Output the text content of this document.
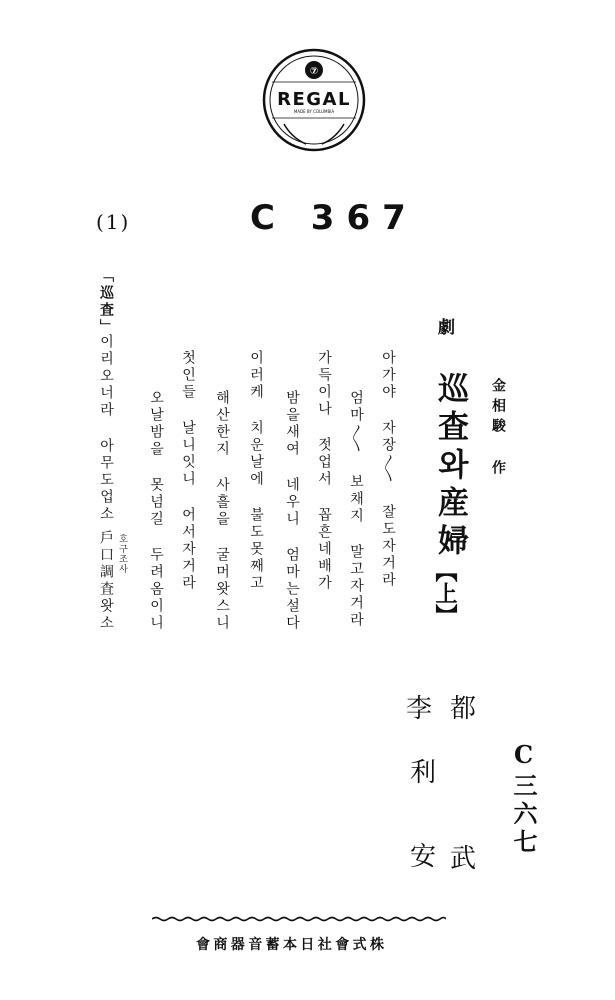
⑦
REGAL
MADE BY COLUMBIA
(1)	C 367
金相駿 作
劇
巡査와産婦
【上】
아가야 자장〱 잘도자거라
엄마〱 보채지 말고자거라
가득이나 젓업서 꼽흔네배가
밤을새여 네우니 엄마는설다
이러케 치운날에 불도못째고
해산한지 사흘을 굴머왓스니
첫인들 날니잇니 어서자거라
오날밤을 못넘길 두려옴이니
「巡査」
이리오너라 아무도업소
戶口調査왓소
호구조사
都
武
李
利
安	C三六七
會商器音蓄本日社會式株
